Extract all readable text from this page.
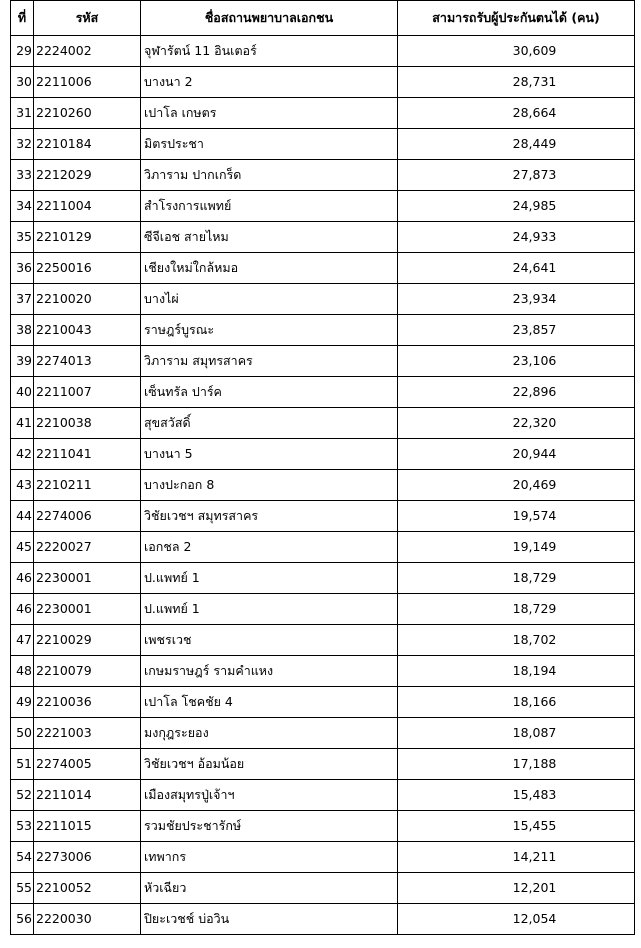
ที่	รหัส	ชื่อสถานพยาบาลเอกชน	สามารถรับผู้ประกันตนได้ (คน)
29	2224002	จุฬารัตน์ 11 อินเตอร์	30,609
30	2211006	บางนา 2	28,731
31	2210260	เปาโล เกษตร	28,664
32	2210184	มิตรประชา	28,449
33	2212029	วิภาราม ปากเกร็ด	27,873
34	2211004	สำโรงการแพทย์	24,985
35	2210129	ซีจีเอช สายไหม	24,933
36	2250016	เชียงใหม่ใกล้หมอ	24,641
37	2210020	บางไผ่	23,934
38	2210043	ราษฎร์บูรณะ	23,857
39	2274013	วิภาราม สมุทรสาคร	23,106
40	2211007	เซ็นทรัล ปาร์ค	22,896
41	2210038	สุขสวัสดิ์	22,320
42	2211041	บางนา 5	20,944
43	2210211	บางปะกอก 8	20,469
44	2274006	วิชัยเวชฯ สมุทรสาคร	19,574
45	2220027	เอกชล 2	19,149
46	2230001	ป.แพทย์ 1	18,729
46	2230001	ป.แพทย์ 1	18,729
47	2210029	เพชรเวช	18,702
48	2210079	เกษมราษฎร์ รามคำแหง	18,194
49	2210036	เปาโล โชคชัย 4	18,166
50	2221003	มงกุฎระยอง	18,087
51	2274005	วิชัยเวชฯ อ้อมน้อย	17,188
52	2211014	เมืองสมุทรปู่เจ้าฯ	15,483
53	2211015	รวมชัยประชารักษ์	15,455
54	2273006	เทพากร	14,211
55	2210052	หัวเฉียว	12,201
56	2220030	ปิยะเวชช์ บ่อวิน	12,054
